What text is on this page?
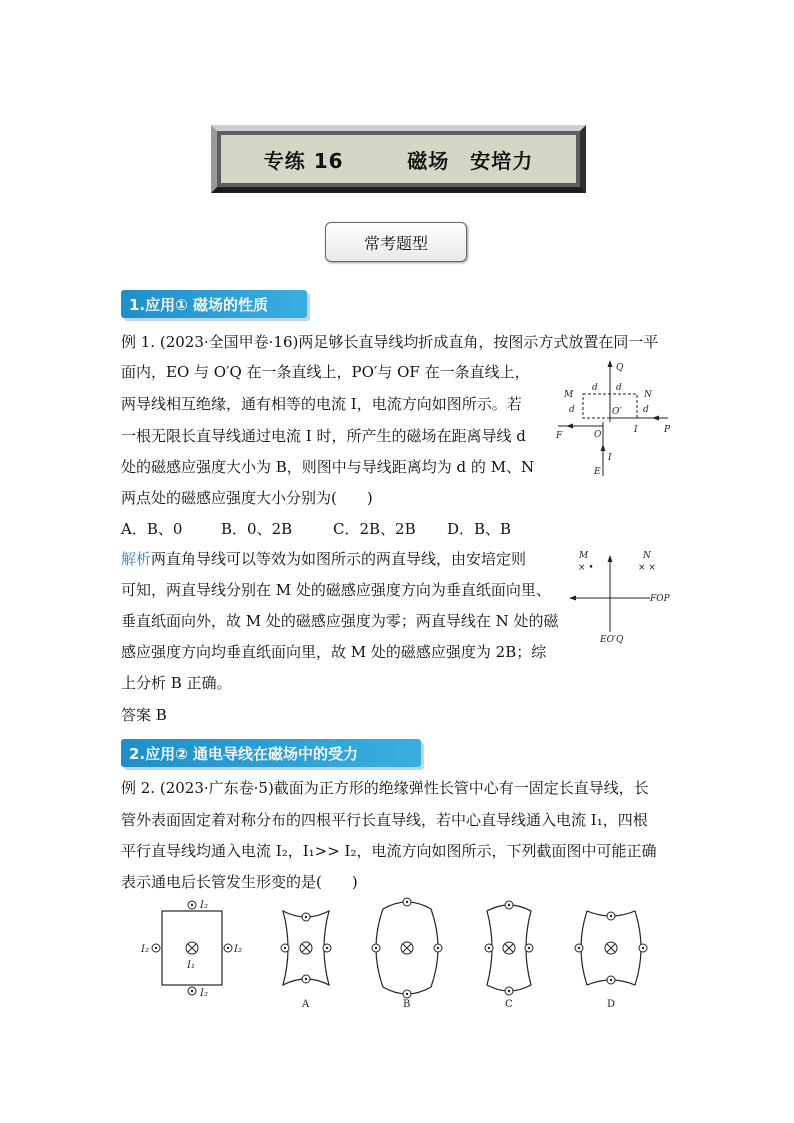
专练 16
	磁场　安培力
常考题型
1.应用① 磁场的性质
例 1. (2023·全国甲卷·16)两足够长直导线均折成直角，按图示方式放置在同一平
面内，EO 与 O′Q 在一条直线上，PO′与 OF 在一条直线上，
两导线相互绝缘，通有相等的电流 I，电流方向如图所示。若
一根无限长直导线通过电流 I 时，所产生的磁场在距离导线 d
处的磁感应强度大小为 B，则图中与导线距离均为 d 的 M、N
两点处的磁感应强度大小分别为(　　)
A．B、0	B．0、2B	C．2B、2B D．B、B
Q
M	N
d d
d	d
O′
O
F
P
I
I
E
解析两直角导线可以等效为如图所示的两直导线，由安培定则
可知，两直导线分别在 M 处的磁感应强度方向为垂直纸面向里、
垂直纸面向外，故 M 处的磁感应强度为零；两直导线在 N 处的磁
感应强度方向均垂直纸面向里，故 M 处的磁感应强度为 2B；综
上分析 B 正确。
M	N
× •	× ×
FOP
EO′Q
答案 B
2.应用② 通电导线在磁场中的受力
例 2. (2023·广东卷·5)截面为正方形的绝缘弹性长管中心有一固定长直导线，长
管外表面固定着对称分布的四根平行长直导线，若中心直导线通入电流 I₁，四根
平行直导线均通入电流 I₂，I₁>> I₂，电流方向如图所示，下列截面图中可能正确
表示通电后长管发生形变的是(　　)
I₂
I₂
I₂	I₂
I₁
A	B	C	D
